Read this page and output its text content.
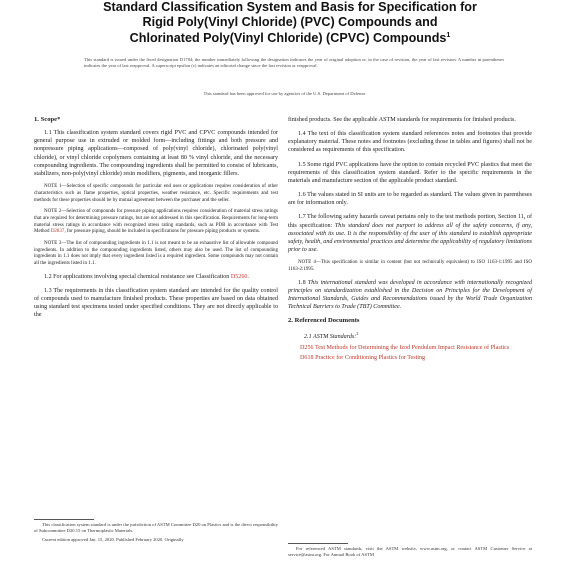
Standard Classification System and Basis for Specification for
Rigid Poly(Vinyl Chloride) (PVC) Compounds and
Chlorinated Poly(Vinyl Chloride) (CPVC) Compounds$^1$
This standard is issued under the fixed designation D1784; the number immediately following the designation indicates the year of original adoption or, in the case of revision, the year of last revision. A number in parentheses indicates the year of last reapproval. A superscript epsilon (ε) indicates an editorial change since the last revision or reapproval.
This standard has been approved for use by agencies of the U.S. Department of Defense.
1. Scope*

1.1 This classification system standard covers rigid PVC and CPVC compounds intended for general purpose use in extruded or molded form—including fittings and both pressure and nonpressure piping applications—composed of poly(vinyl chloride), chlorinated poly(vinyl chloride), or vinyl chloride copolymers containing at least 80 % vinyl chloride, and the necessary compounding ingredients. The compounding ingredients shall be permitted to consist of lubricants, stabilizers, non-poly(vinyl chloride) resin modifiers, pigments, and inorganic fillers.

NOTE 1—Selection of specific compounds for particular end uses or applications requires consideration of other characteristics such as flame properties, optical properties, weather resistance, etc. Specific requirements and test methods for these properties should be by mutual agreement between the purchaser and the seller.

NOTE 2—Selection of compounds for pressure piping applications requires consideration of material stress ratings that are required for determining pressure ratings, but are not addressed in this specification. Requirements for long-term material stress ratings in accordance with recognized stress rating standards, such as PDB in accordance with Test Method D2837, for pressure piping, should be included in specifications for pressure piping products or systems.

NOTE 3—The list of compounding ingredients in 1.1 is not meant to be an exhaustive list of allowable compound ingredients. In addition to the compounding ingredients listed, others may also be used. The list of compounding ingredients in 1.1 does not imply that every ingredient listed is a required ingredient. Some compounds may not contain all the ingredients listed in 1.1.

1.2 For applications involving special chemical resistance see Classification D5260.

1.3 The requirements in this classification system standard are intended for the quality control of compounds used to manufacture finished products. These properties are based on data obtained using standard test specimens tested under specified conditions. They are not directly applicable to the

finished products. See the applicable ASTM standards for requirements for finished products.

1.4 The text of this classification system standard references notes and footnotes that provide explanatory material. These notes and footnotes (excluding those in tables and figures) shall not be considered as requirements of this specification.

1.5 Some rigid PVC applications have the option to contain recycled PVC plastics that meet the requirements of this classification system standard. Refer to the specific requirements in the materials and manufacture section of the applicable product standard.

1.6 The values stated in SI units are to be regarded as standard. The values given in parentheses are for information only.

1.7 The following safety hazards caveat pertains only to the test methods portion, Section 11, of this specification: This standard does not purport to address all of the safety concerns, if any, associated with its use. It is the responsibility of the user of this standard to establish appropriate safety, health, and environmental practices and determine the applicability of regulatory limitations prior to use.

NOTE 4—This specification is similar in content (but not technically equivalent) to ISO 1163-1:1995 and ISO 1163-2:1995.

1.8 This international standard was developed in accordance with internationally recognized principles on standardization established in the Decision on Principles for the Development of International Standards, Guides and Recommendations issued by the World Trade Organization Technical Barriers to Trade (TBT) Committee.

2. Referenced Documents

2.1 ASTM Standards:$^2$

D256 Test Methods for Determining the Izod Pendulum Impact Resistance of Plastics

D618 Practice for Conditioning Plastics for Testing

This classification system standard is under the jurisdiction of ASTM Committee D20 on Plastics and is the direct responsibility of Subcommittee D20.15 on Thermoplastic Materials.

Current edition approved Jan. 15, 2020. Published February 2020. Originally

For referenced ASTM standards, visit the ASTM website, www.astm.org, or contact ASTM Customer Service at service@astm.org. For Annual Book of ASTM
